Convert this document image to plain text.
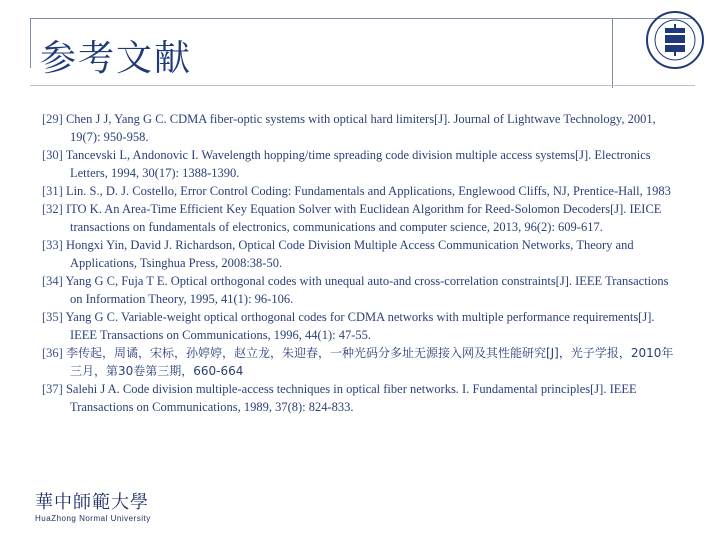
参考文献

[29] Chen J J, Yang G C. CDMA fiber-optic systems with optical hard limiters[J]. Journal of Lightwave Technology, 2001, 19(7): 950-958.

[30] Tancevski L, Andonovic I. Wavelength hopping/time spreading code division multiple access systems[J]. Electronics Letters, 1994, 30(17): 1388-1390.

[31] Lin. S., D. J. Costello, Error Control Coding: Fundamentals and Applications, Englewood Cliffs, NJ, Prentice-Hall, 1983

[32] ITO K. An Area-Time Efficient Key Equation Solver with Euclidean Algorithm for Reed-Solomon Decoders[J]. IEICE transactions on fundamentals of electronics, communications and computer science, 2013, 96(2): 609-617.

[33] Hongxi Yin, David J. Richardson, Optical Code Division Multiple Access Communication Networks, Theory and Applications, Tsinghua Press, 2008:38-50.

[34] Yang G C, Fuja T E. Optical orthogonal codes with unequal auto-and cross-correlation constraints[J]. IEEE Transactions on Information Theory, 1995, 41(1): 96-106.

[35] Yang G C. Variable-weight optical orthogonal codes for CDMA networks with multiple performance requirements[J]. IEEE Transactions on Communications, 1996, 44(1): 47-55.

[36] 李传起，周谲，宋标，孙婷婷，赵立龙，朱迎春，一种光码分多址无源接入网及其性能研究[J]，光子学报，2010年三月，第30卷第三期，660-664

[37] Salehi J A. Code division multiple-access techniques in optical fiber networks. I. Fundamental principles[J]. IEEE Transactions on Communications, 1989, 37(8): 824-833.

華中師範大學

HuaZhong Normal University
